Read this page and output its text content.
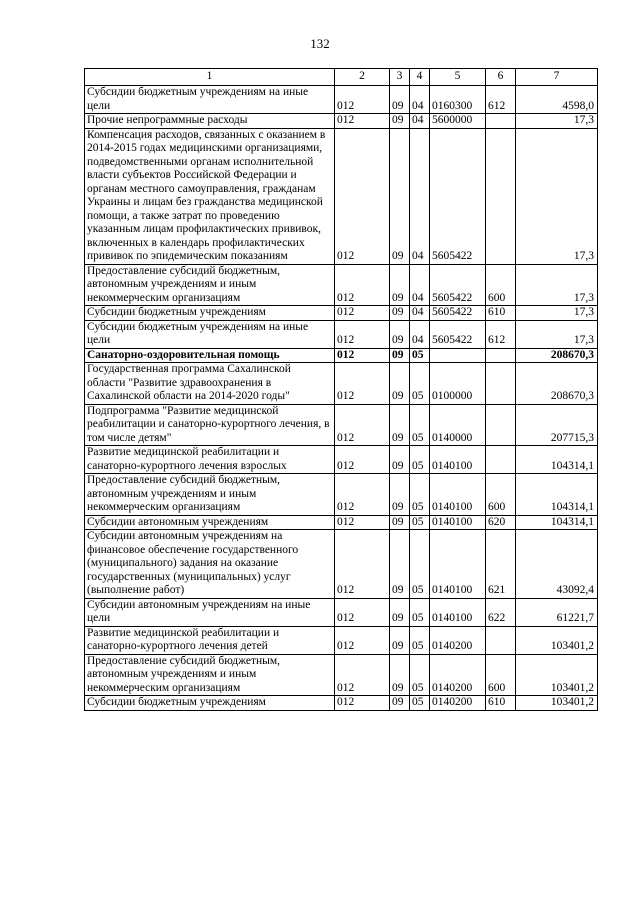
132
1	2	3	4	5	6	7
Субсидии бюджетным учреждениям на иные цели	012	09	04	0160300	612	4598,0
Прочие непрограммные расходы	012	09	04	5600000		17,3
Компенсация расходов, связанных с оказанием в 2014-2015 годах медицинскими организациями, подведомственными органам исполнительной власти субъектов Российской Федерации и органам местного самоуправления, гражданам Украины и лицам без гражданства медицинской помощи, а также затрат по проведению указанным лицам профилактических прививок, включенных в календарь профилактических прививок по эпидемическим показаниям	012	09	04	5605422		17,3
Предоставление субсидий бюджетным, автономным учреждениям и иным некоммерческим организациям	012	09	04	5605422	600	17,3
Субсидии бюджетным учреждениям	012	09	04	5605422	610	17,3
Субсидии бюджетным учреждениям на иные цели	012	09	04	5605422	612	17,3
Санаторно-оздоровительная помощь	012	09	05			208670,3
Государственная программа Сахалинской области "Развитие здравоохранения в Сахалинской области на 2014-2020 годы"	012	09	05	0100000		208670,3
Подпрограмма "Развитие медицинской реабилитации и санаторно-курортного лечения, в том числе детям"	012	09	05	0140000		207715,3
Развитие медицинской реабилитации и санаторно-курортного лечения взрослых	012	09	05	0140100		104314,1
Предоставление субсидий бюджетным, автономным учреждениям и иным некоммерческим организациям	012	09	05	0140100	600	104314,1
Субсидии автономным учреждениям	012	09	05	0140100	620	104314,1
Субсидии автономным учреждениям на финансовое обеспечение государственного (муниципального) задания на оказание государственных (муниципальных) услуг (выполнение работ)	012	09	05	0140100	621	43092,4
Субсидии автономным учреждениям на иные цели	012	09	05	0140100	622	61221,7
Развитие медицинской реабилитации и санаторно-курортного лечения детей	012	09	05	0140200		103401,2
Предоставление субсидий бюджетным, автономным учреждениям и иным некоммерческим организациям	012	09	05	0140200	600	103401,2
Субсидии бюджетным учреждениям	012	09	05	0140200	610	103401,2
